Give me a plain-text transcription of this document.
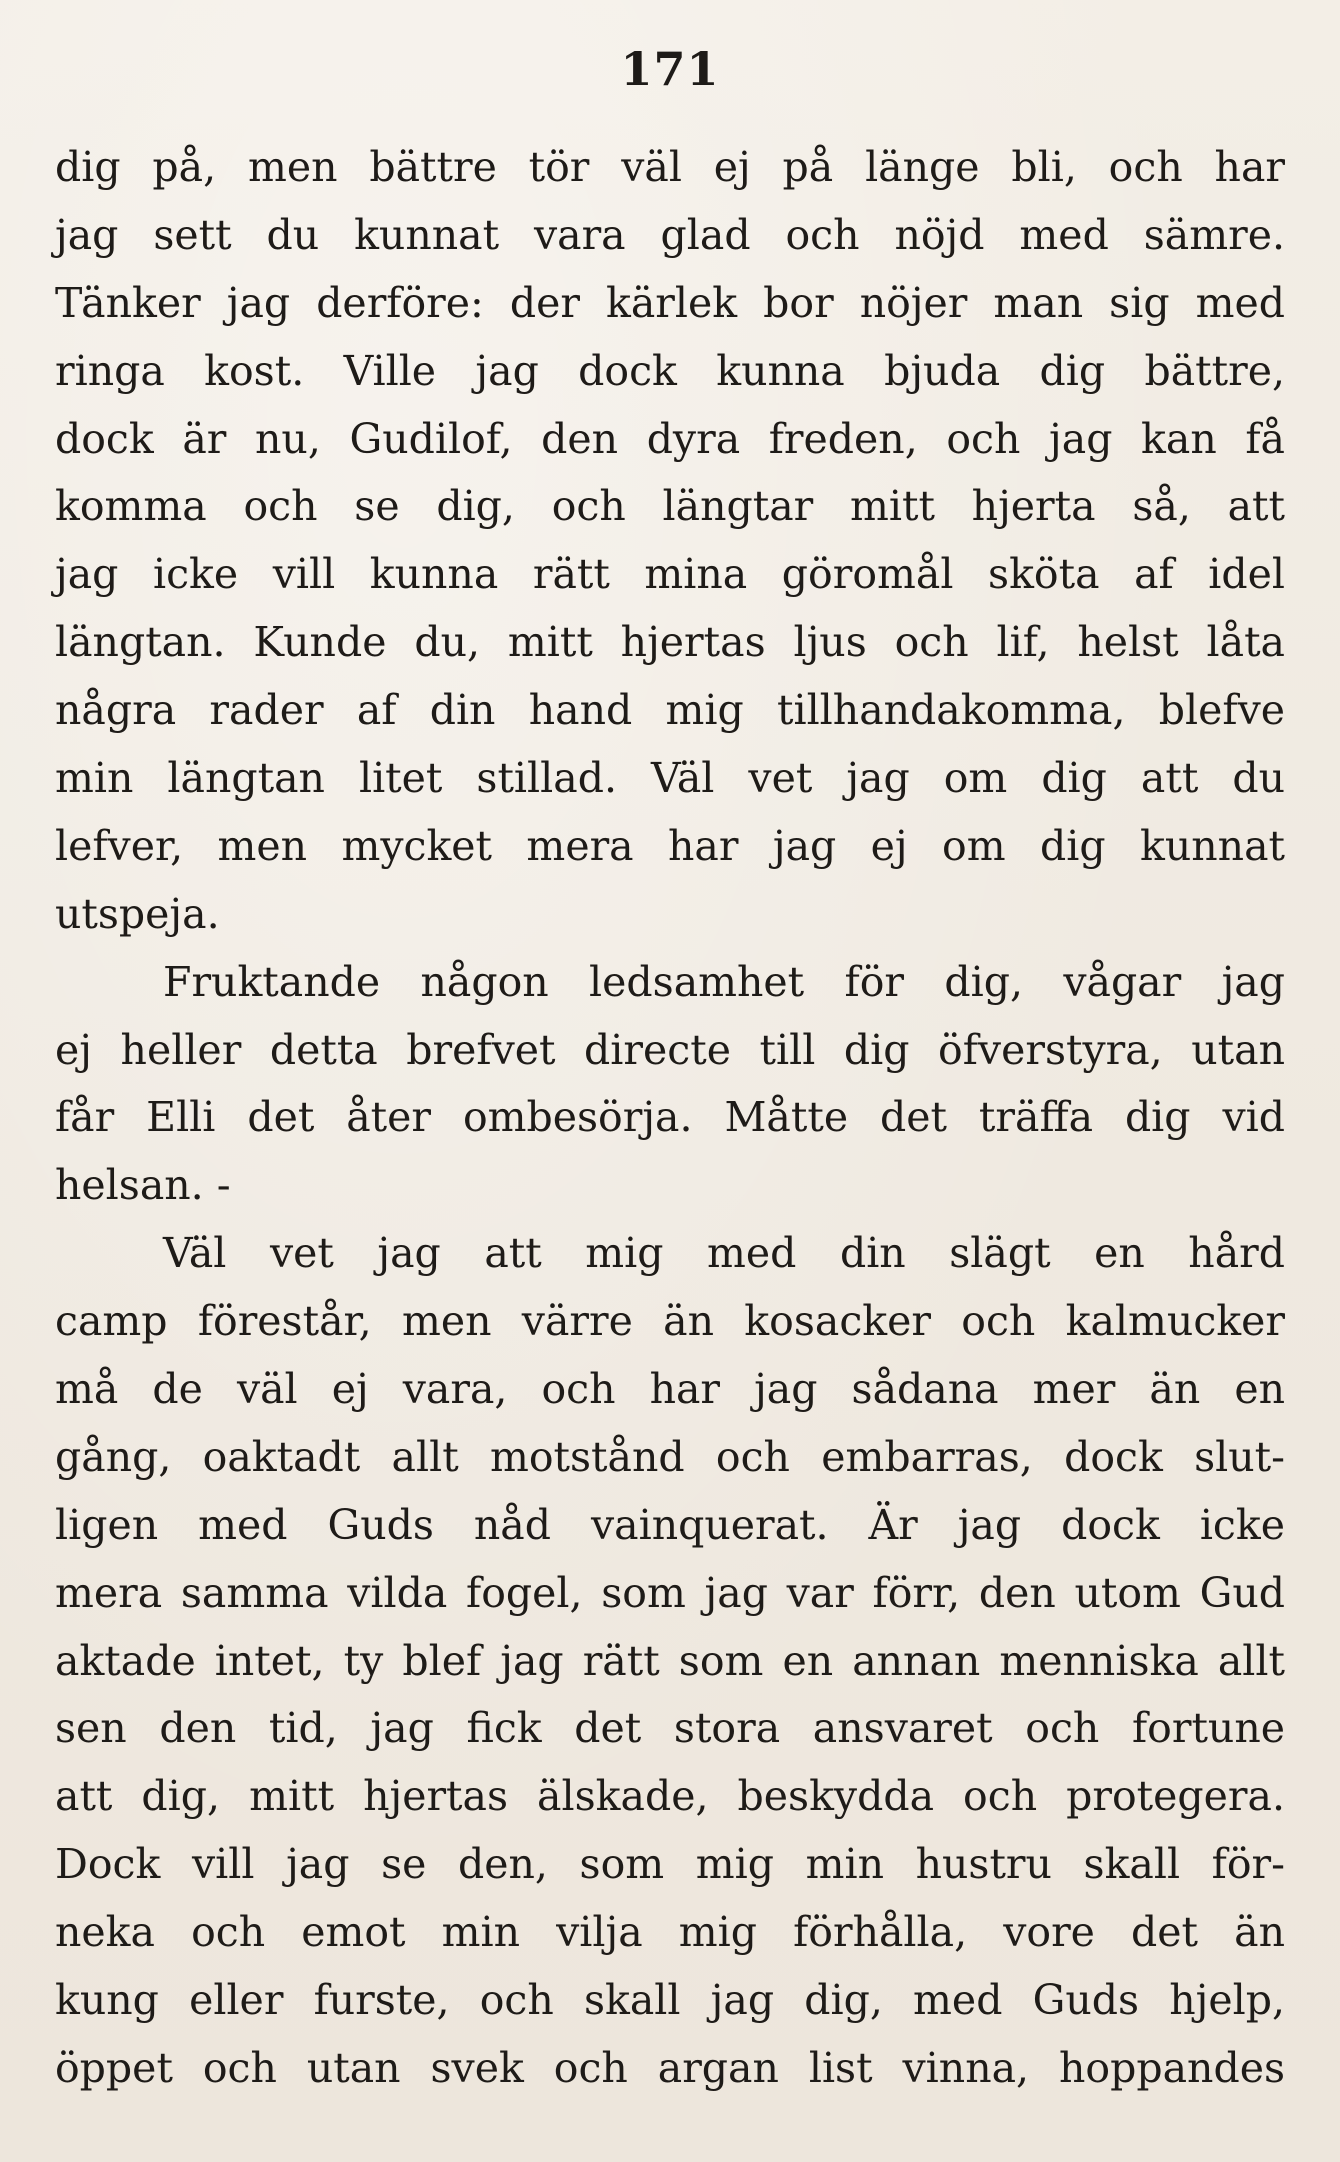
171
dig på, men bättre tör väl ej på länge bli, och har
jag sett du kunnat vara glad och nöjd med sämre.
Tänker jag derföre: der kärlek bor nöjer man sig med
ringa kost. Ville jag dock kunna bjuda dig bättre,
dock är nu, Gudilof, den dyra freden, och jag kan få
komma och se dig, och längtar mitt hjerta så, att
jag icke vill kunna rätt mina göromål sköta af idel
längtan. Kunde du, mitt hjertas ljus och lif, helst låta
några rader af din hand mig tillhandakomma, blefve
min längtan litet stillad. Väl vet jag om dig att du
lefver, men mycket mera har jag ej om dig kunnat
utspeja.
Fruktande någon ledsamhet för dig, vågar jag
ej heller detta brefvet directe till dig öfverstyra, utan
får Elli det åter ombesörja. Måtte det träffa dig vid
helsan. -
Väl vet jag att mig med din slägt en hård
camp förestår, men värre än kosacker och kalmucker
må de väl ej vara, och har jag sådana mer än en
gång, oaktadt allt motstånd och embarras, dock slut-
ligen med Guds nåd vainquerat. Är jag dock icke
mera samma vilda fogel, som jag var förr, den utom Gud
aktade intet, ty blef jag rätt som en annan menniska allt
sen den tid, jag fick det stora ansvaret och fortune
att dig, mitt hjertas älskade, beskydda och protegera.
Dock vill jag se den, som mig min hustru skall för-
neka och emot min vilja mig förhålla, vore det än
kung eller furste, och skall jag dig, med Guds hjelp,
öppet och utan svek och argan list vinna, hoppandes
